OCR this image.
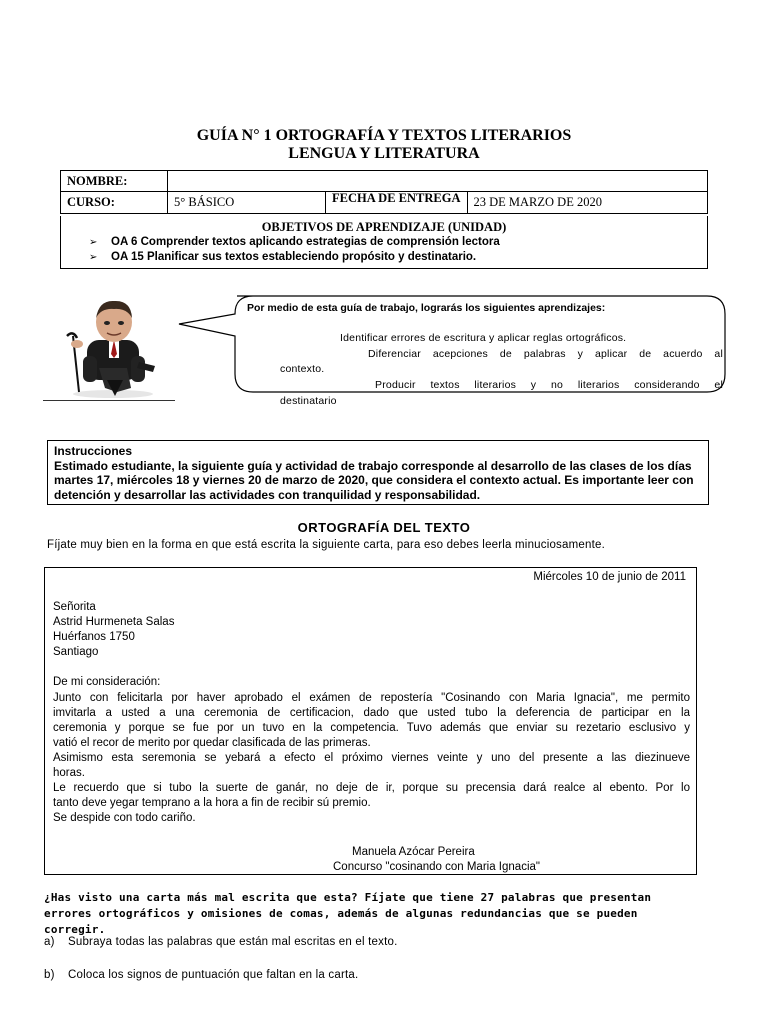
GUÍA N° 1 ORTOGRAFÍA Y TEXTOS LITERARIOS
LENGUA Y LITERATURA
NOMBRE:			
CURSO:	5° BÁSICO	FECHA DE ENTREGA	23 DE MARZO DE 2020
OBJETIVOS DE APRENDIZAJE (UNIDAD)
➢ OA 6 Comprender textos aplicando estrategias de comprensión lectora
➢ OA 15 Planificar sus textos estableciendo propósito y destinatario.
Por medio de esta guía de trabajo, lograrás los siguientes aprendizajes:
Identificar errores de escritura y aplicar reglas ortográficos.
Diferenciar acepciones de palabras y aplicar de acuerdo al
contexto.
Producir textos literarios y no literarios considerando el
destinatario
Instrucciones
Estimado estudiante, la siguiente guía y actividad de trabajo corresponde al desarrollo de las clases de los días martes 17, miércoles 18 y viernes 20 de marzo de 2020, que considera el contexto actual. Es importante leer con detención y desarrollar las actividades con tranquilidad y responsabilidad.
ORTOGRAFÍA DEL TEXTO
Fíjate muy bien en la forma en que está escrita la siguiente carta, para eso debes leerla minuciosamente.
Miércoles 10 de junio de 2011
Señorita
Astrid Hurmeneta Salas
Huérfanos 1750
Santiago
De mi consideración:
Junto con felicitarla por haver aprobado el exámen de repostería "Cosinando con Maria Ignacia", me permito
imvitarla a usted a una ceremonia de certificacion, dado que usted tubo la deferencia de participar en la
ceremonia y porque se fue por un tuvo en la competencia. Tuvo además que enviar su rezetario esclusivo y
vatió el recor de merito por quedar clasificada de las primeras.
Asimismo esta seremonia se yebará a efecto el próximo viernes veinte y uno del presente a las diezinueve
horas.
Le recuerdo que si tubo la suerte de ganár, no deje de ir, porque su precensia dará realce al ebento. Por lo
tanto deve yegar temprano a la hora a fin de recibir sú premio.
Se despide con todo cariño.
Manuela Azócar Pereira
Concurso "cosinando con Maria Ignacia"
¿Has visto una carta más mal escrita que esta? Fíjate que tiene 27 palabras que presentan errores ortográficos y omisiones de comas, además de algunas redundancias que se pueden corregir.
a) Subraya todas las palabras que están mal escritas en el texto.
b) Coloca los signos de puntuación que faltan en la carta.
